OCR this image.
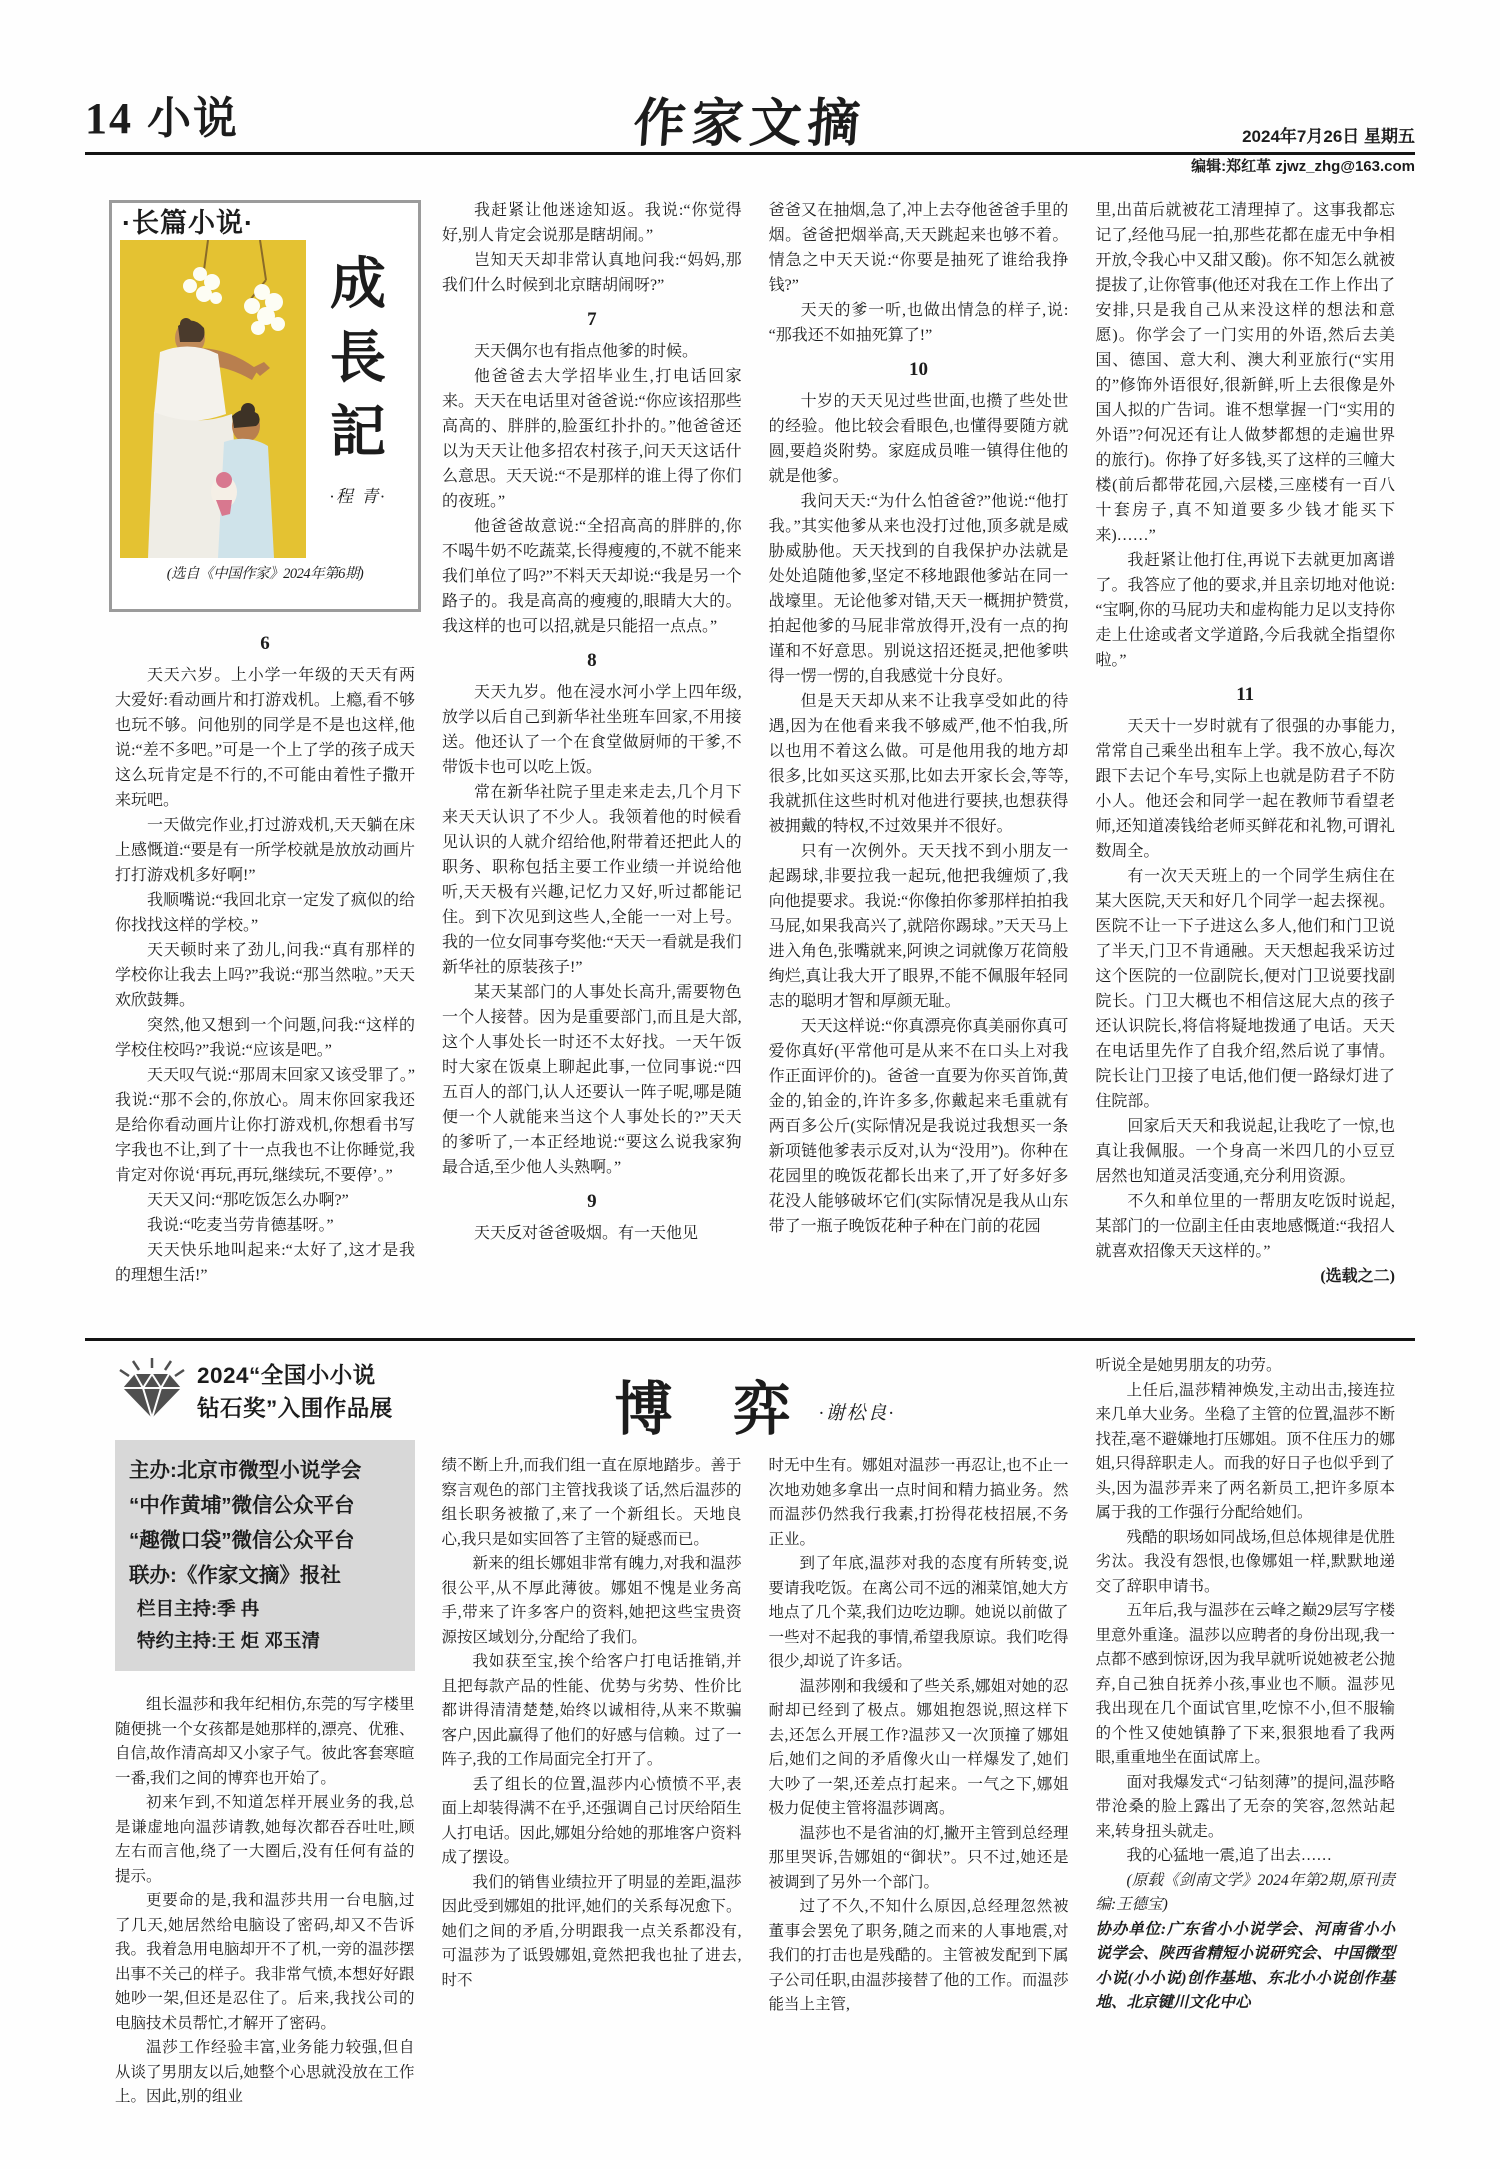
14 小说	作家文摘	2024年7月26日 星期五
编辑:郑红革 zjwz_zhg@163.com
·长篇小说·
成
長
記
·程 青·
(选自《中国作家》2024年第6期)

6

天天六岁。上小学一年级的天天有两大爱好:看动画片和打游戏机。上瘾,看不够也玩不够。问他别的同学是不是也这样,他说:“差不多吧。”可是一个上了学的孩子成天这么玩肯定是不行的,不可能由着性子撒开来玩吧。

一天做完作业,打过游戏机,天天躺在床上感慨道:“要是有一所学校就是放放动画片打打游戏机多好啊!”

我顺嘴说:“我回北京一定发了疯似的给你找找这样的学校。”

天天顿时来了劲儿,问我:“真有那样的学校你让我去上吗?”我说:“那当然啦。”天天欢欣鼓舞。

突然,他又想到一个问题,问我:“这样的学校住校吗?”我说:“应该是吧。”

天天叹气说:“那周末回家又该受罪了。”我说:“那不会的,你放心。周末你回家我还是给你看动画片让你打游戏机,你想看书写字我也不让,到了十一点我也不让你睡觉,我肯定对你说‘再玩,再玩,继续玩,不要停’。”

天天又问:“那吃饭怎么办啊?”

我说:“吃麦当劳肯德基呀。”

天天快乐地叫起来:“太好了,这才是我的理想生活!”

我赶紧让他迷途知返。我说:“你觉得好,别人肯定会说那是瞎胡闹。”

岂知天天却非常认真地问我:“妈妈,那我们什么时候到北京瞎胡闹呀?”

7

天天偶尔也有指点他爹的时候。

他爸爸去大学招毕业生,打电话回家来。天天在电话里对爸爸说:“你应该招那些高高的、胖胖的,脸蛋红扑扑的。”他爸爸还以为天天让他多招农村孩子,问天天这话什么意思。天天说:“不是那样的谁上得了你们的夜班。”

他爸爸故意说:“全招高高的胖胖的,你不喝牛奶不吃蔬菜,长得瘦瘦的,不就不能来我们单位了吗?”不料天天却说:“我是另一个路子的。我是高高的瘦瘦的,眼睛大大的。我这样的也可以招,就是只能招一点点。”

8

天天九岁。他在浸水河小学上四年级,放学以后自己到新华社坐班车回家,不用接送。他还认了一个在食堂做厨师的干爹,不带饭卡也可以吃上饭。

常在新华社院子里走来走去,几个月下来天天认识了不少人。我领着他的时候看见认识的人就介绍给他,附带着还把此人的职务、职称包括主要工作业绩一并说给他听,天天极有兴趣,记忆力又好,听过都能记住。到下次见到这些人,全能一一对上号。我的一位女同事夸奖他:“天天一看就是我们新华社的原装孩子!”

某天某部门的人事处长高升,需要物色一个人接替。因为是重要部门,而且是大部,这个人事处长一时还不太好找。一天午饭时大家在饭桌上聊起此事,一位同事说:“四五百人的部门,认人还要认一阵子呢,哪是随便一个人就能来当这个人事处长的?”天天的爹听了,一本正经地说:“要这么说我家狗最合适,至少他人头熟啊。”

9

天天反对爸爸吸烟。有一天他见

爸爸又在抽烟,急了,冲上去夺他爸爸手里的烟。爸爸把烟举高,天天跳起来也够不着。情急之中天天说:“你要是抽死了谁给我挣钱?”

天天的爹一听,也做出情急的样子,说:“那我还不如抽死算了!”

10

十岁的天天见过些世面,也攒了些处世的经验。他比较会看眼色,也懂得要随方就圆,要趋炎附势。家庭成员唯一镇得住他的就是他爹。

我问天天:“为什么怕爸爸?”他说:“他打我。”其实他爹从来也没打过他,顶多就是威胁威胁他。天天找到的自我保护办法就是处处追随他爹,坚定不移地跟他爹站在同一战壕里。无论他爹对错,天天一概拥护赞赏,拍起他爹的马屁非常放得开,没有一点的拘谨和不好意思。别说这招还挺灵,把他爹哄得一愣一愣的,自我感觉十分良好。

但是天天却从来不让我享受如此的待遇,因为在他看来我不够威严,他不怕我,所以也用不着这么做。可是他用我的地方却很多,比如买这买那,比如去开家长会,等等,我就抓住这些时机对他进行要挟,也想获得被拥戴的特权,不过效果并不很好。

只有一次例外。天天找不到小朋友一起踢球,非要拉我一起玩,他把我缠烦了,我向他提要求。我说:“你像拍你爹那样拍拍我马屁,如果我高兴了,就陪你踢球。”天天马上进入角色,张嘴就来,阿谀之词就像万花筒般绚烂,真让我大开了眼界,不能不佩服年轻同志的聪明才智和厚颜无耻。

天天这样说:“你真漂亮你真美丽你真可爱你真好(平常他可是从来不在口头上对我作正面评价的)。爸爸一直要为你买首饰,黄金的,铂金的,许许多多,你戴起来毛重就有两百多公斤(实际情况是我说过我想买一条新项链他爹表示反对,认为“没用”)。你种在花园里的晚饭花都长出来了,开了好多好多花没人能够破坏它们(实际情况是我从山东带了一瓶子晚饭花种子种在门前的花园

里,出苗后就被花工清理掉了。这事我都忘记了,经他马屁一拍,那些花都在虚无中争相开放,令我心中又甜又酸)。你不知怎么就被提拔了,让你管事(他还对我在工作上作出了安排,只是我自己从来没这样的想法和意愿)。你学会了一门实用的外语,然后去美国、德国、意大利、澳大利亚旅行(“实用的”修饰外语很好,很新鲜,听上去很像是外国人拟的广告词。谁不想掌握一门“实用的外语”?何况还有让人做梦都想的走遍世界的旅行)。你挣了好多钱,买了这样的三幢大楼(前后都带花园,六层楼,三座楼有一百八十套房子,真不知道要多少钱才能买下来)……”

我赶紧让他打住,再说下去就更加离谱了。我答应了他的要求,并且亲切地对他说:“宝啊,你的马屁功夫和虚构能力足以支持你走上仕途或者文学道路,今后我就全指望你啦。”

11

天天十一岁时就有了很强的办事能力,常常自己乘坐出租车上学。我不放心,每次跟下去记个车号,实际上也就是防君子不防小人。他还会和同学一起在教师节看望老师,还知道凑钱给老师买鲜花和礼物,可谓礼数周全。

有一次天天班上的一个同学生病住在某大医院,天天和好几个同学一起去探视。医院不让一下子进这么多人,他们和门卫说了半天,门卫不肯通融。天天想起我采访过这个医院的一位副院长,便对门卫说要找副院长。门卫大概也不相信这屁大点的孩子还认识院长,将信将疑地拨通了电话。天天在电话里先作了自我介绍,然后说了事情。院长让门卫接了电话,他们便一路绿灯进了住院部。

回家后天天和我说起,让我吃了一惊,也真让我佩服。一个身高一米四几的小豆豆居然也知道灵活变通,充分利用资源。

不久和单位里的一帮朋友吃饭时说起,某部门的一位副主任由衷地感慨道:“我招人就喜欢招像天天这样的。”

(选载之二)

2024“全国小小说
钻石奖”入围作品展
主办:北京市微型小说学会
“中作黄埔”微信公众平台
“趣微口袋”微信公众平台
联办:《作家文摘》报社
栏目主持:季 冉
特约主持:王 炬 邓玉清

组长温莎和我年纪相仿,东莞的写字楼里随便挑一个女孩都是她那样的,漂亮、优雅、自信,故作清高却又小家子气。彼此客套寒暄一番,我们之间的博弈也开始了。

初来乍到,不知道怎样开展业务的我,总是谦虚地向温莎请教,她每次都吞吞吐吐,顾左右而言他,绕了一大圈后,没有任何有益的提示。

更要命的是,我和温莎共用一台电脑,过了几天,她居然给电脑设了密码,却又不告诉我。我着急用电脑却开不了机,一旁的温莎摆出事不关己的样子。我非常气愤,本想好好跟她吵一架,但还是忍住了。后来,我找公司的电脑技术员帮忙,才解开了密码。

温莎工作经验丰富,业务能力较强,但自从谈了男朋友以后,她整个心思就没放在工作上。因此,别的组业

博 弈 ·谢松良·

绩不断上升,而我们组一直在原地踏步。善于察言观色的部门主管找我谈了话,然后温莎的组长职务被撤了,来了一个新组长。天地良心,我只是如实回答了主管的疑惑而已。

新来的组长娜姐非常有魄力,对我和温莎很公平,从不厚此薄彼。娜姐不愧是业务高手,带来了许多客户的资料,她把这些宝贵资源按区域划分,分配给了我们。

我如获至宝,挨个给客户打电话推销,并且把每款产品的性能、优势与劣势、性价比都讲得清清楚楚,始终以诚相待,从来不欺骗客户,因此赢得了他们的好感与信赖。过了一阵子,我的工作局面完全打开了。

丢了组长的位置,温莎内心愤愤不平,表面上却装得满不在乎,还强调自己讨厌给陌生人打电话。因此,娜姐分给她的那堆客户资料成了摆设。

我们的销售业绩拉开了明显的差距,温莎因此受到娜姐的批评,她们的关系每况愈下。她们之间的矛盾,分明跟我一点关系都没有,可温莎为了诋毁娜姐,竟然把我也扯了进去,时不

时无中生有。娜姐对温莎一再忍让,也不止一次地劝她多拿出一点时间和精力搞业务。然而温莎仍然我行我素,打扮得花枝招展,不务正业。

到了年底,温莎对我的态度有所转变,说要请我吃饭。在离公司不远的湘菜馆,她大方地点了几个菜,我们边吃边聊。她说以前做了一些对不起我的事情,希望我原谅。我们吃得很少,却说了许多话。

温莎刚和我缓和了些关系,娜姐对她的忍耐却已经到了极点。娜姐抱怨说,照这样下去,还怎么开展工作?温莎又一次顶撞了娜姐后,她们之间的矛盾像火山一样爆发了,她们大吵了一架,还差点打起来。一气之下,娜姐极力促使主管将温莎调离。

温莎也不是省油的灯,撇开主管到总经理那里哭诉,告娜姐的“御状”。只不过,她还是被调到了另外一个部门。

过了不久,不知什么原因,总经理忽然被董事会罢免了职务,随之而来的人事地震,对我们的打击也是残酷的。主管被发配到下属子公司任职,由温莎接替了他的工作。而温莎能当上主管,

听说全是她男朋友的功劳。

上任后,温莎精神焕发,主动出击,接连拉来几单大业务。坐稳了主管的位置,温莎不断找茬,毫不避嫌地打压娜姐。顶不住压力的娜姐,只得辞职走人。而我的好日子也似乎到了头,因为温莎弄来了两名新员工,把许多原本属于我的工作强行分配给她们。

残酷的职场如同战场,但总体规律是优胜劣汰。我没有怨恨,也像娜姐一样,默默地递交了辞职申请书。

五年后,我与温莎在云峰之巅29层写字楼里意外重逢。温莎以应聘者的身份出现,我一点都不感到惊讶,因为我早就听说她被老公抛弃,自己独自抚养小孩,事业也不顺。温莎见我出现在几个面试官里,吃惊不小,但不服输的个性又使她镇静了下来,狠狠地看了我两眼,重重地坐在面试席上。

面对我爆发式“刁钻刻薄”的提问,温莎略带沧桑的脸上露出了无奈的笑容,忽然站起来,转身扭头就走。

我的心猛地一震,追了出去……

(原载《剑南文学》2024年第2期,原刊责编:王德宝)

协办单位:广东省小小说学会、河南省小小说学会、陕西省精短小说研究会、中国微型小说(小小说)创作基地、东北小小说创作基地、北京键川文化中心
